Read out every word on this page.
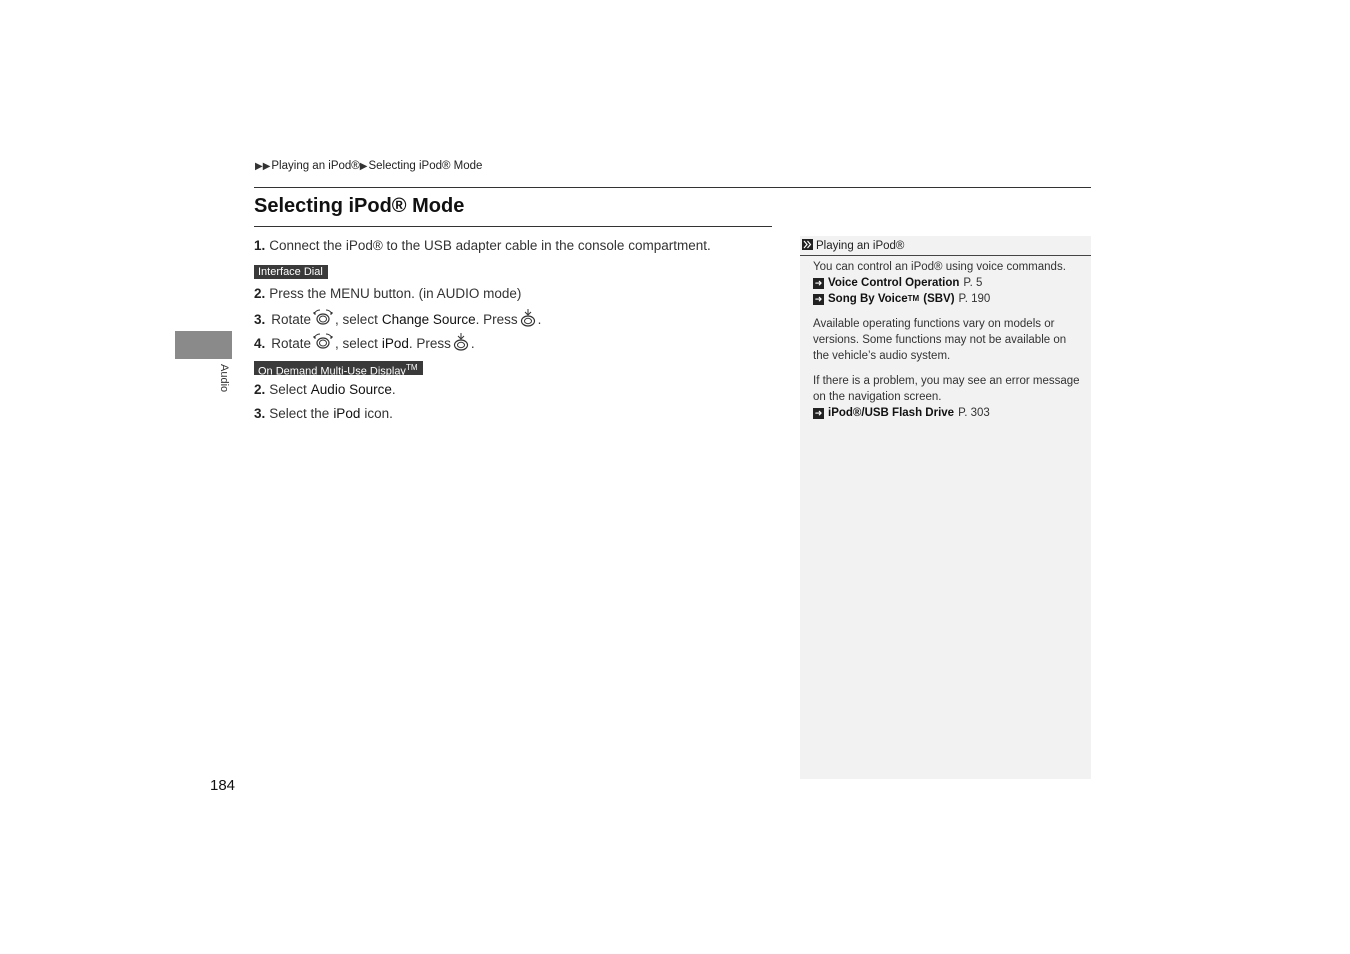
▶▶ Playing an iPod® ▶ Selecting iPod® Mode
Selecting iPod® Mode
Audio
1. Connect the iPod® to the USB adapter cable in the console compartment.
Interface Dial
2. Press the MENU button. (in AUDIO mode)
3. Rotate , select Change Source . Press .
4. Rotate , select iPod . Press .
On Demand Multi-Use Display™
2. Select Audio Source .
3. Select the iPod icon.
184
Playing an iPod®

You can control an iPod® using voice commands.

➜ Voice Control Operation P. 5
➜ Song By Voice TM (SBV) P. 190

Available operating functions vary on models or versions. Some functions may not be available on the vehicle’s audio system.

If there is a problem, you may see an error message on the navigation screen.

➜ iPod®/USB Flash Drive P. 303
